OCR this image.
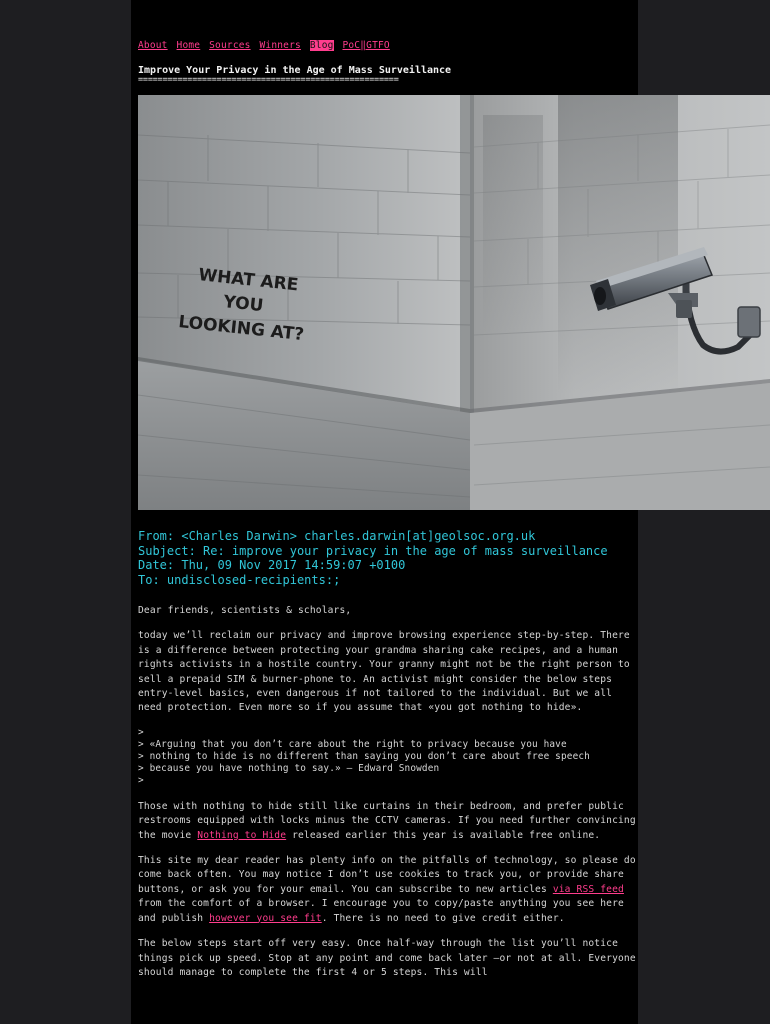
About Home Sources Winners Blog PoC‖GTFO
Improve Your Privacy in the Age of Mass Surveillance
=====================================================
From: <Charles Darwin> charles.darwin[at]geolsoc.org.uk
Subject: Re: improve your privacy in the age of mass surveillance
Date: Thu, 09 Nov 2017 14:59:07 +0100
To: undisclosed-recipients:;

Dear friends, scientists & scholars,

today we’ll reclaim our privacy and improve browsing experience step-by-step. There is a difference between protecting your grandma sharing cake recipes, and a human rights activists in a hostile country. Your granny might not be the right person to sell a prepaid SIM & burner-phone to. An activist might consider the below steps entry-level basics, even dangerous if not tailored to the individual. But we all need protection. Even more so if you assume that «you got nothing to hide».

>
> «Arguing that you don’t care about the right to privacy because you have
> nothing to hide is no different than saying you don’t care about free speech
> because you have nothing to say.» – Edward Snowden
>

Those with nothing to hide still like curtains in their bedroom, and prefer public restrooms equipped with locks minus the CCTV cameras. If you need further convincing the movie Nothing to Hide released earlier this year is available free online.

This site my dear reader has plenty info on the pitfalls of technology, so please do come back often. You may notice I don’t use cookies to track you, or provide share buttons, or ask you for your email. You can subscribe to new articles via RSS feed from the comfort of a browser. I encourage you to copy/paste anything you see here and publish however you see fit. There is no need to give credit either.

The below steps start off very easy. Once half-way through the list you’ll notice things pick up speed. Stop at any point and come back later –or not at all. Everyone should manage to complete the first 4 or 5 steps. This will

WHAT ARE
YOU
LOOKING AT?
